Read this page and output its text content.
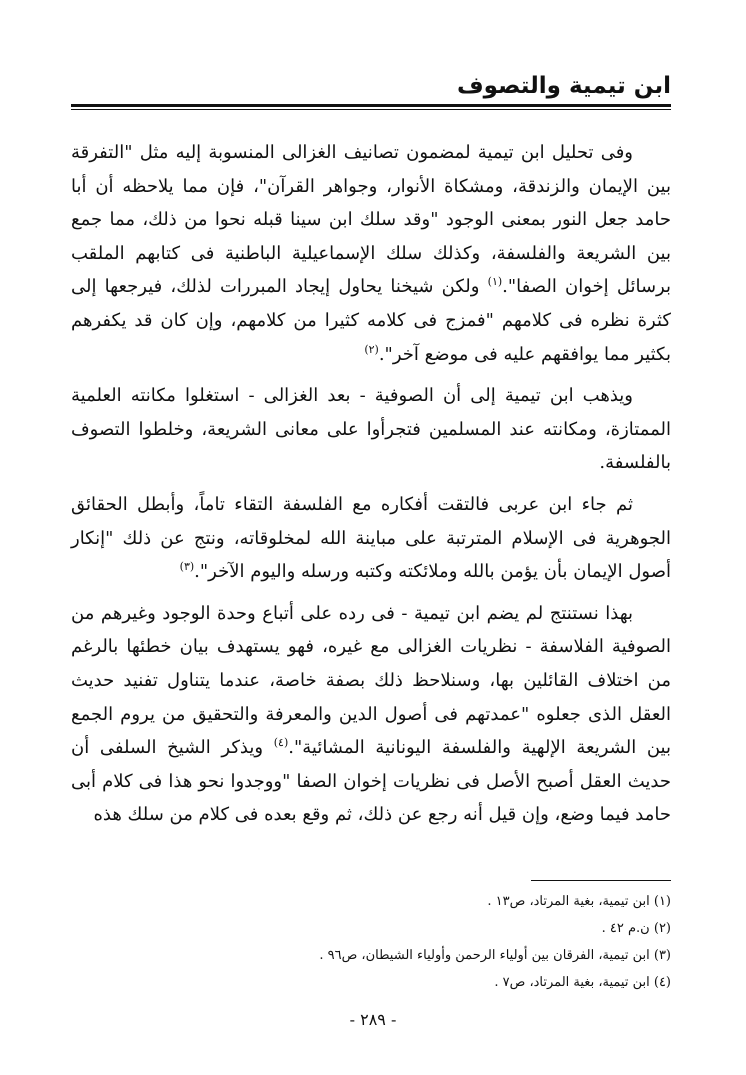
ابن تيمية والتصوف

وفى تحليل ابن تيمية لمضمون تصانيف الغزالى المنسوبة إليه مثل "التفرقة بين الإيمان والزندقة، ومشكاة الأنوار، وجواهر القرآن"، فإن مما يلاحظه أن أبا حامد جعل النور بمعنى الوجود "وقد سلك ابن سينا قبله نحوا من ذلك، مما جمع بين الشريعة والفلسفة، وكذلك سلك الإسماعيلية الباطنية فى كتابهم الملقب برسائل إخوان الصفا".$^{(١)}$ ولكن شيخنا يحاول إيجاد المبررات لذلك، فيرجعها إلى كثرة نظره فى كلامهم "فمزج فى كلامه كثيرا من كلامهم، وإن كان قد يكفرهم بكثير مما يوافقهم عليه فى موضع آخر".$^{(٢)}$

ويذهب ابن تيمية إلى أن الصوفية - بعد الغزالى - استغلوا مكانته العلمية الممتازة، ومكانته عند المسلمين فتجرأوا على معانى الشريعة، وخلطوا التصوف بالفلسفة.

ثم جاء ابن عربى فالتقت أفكاره مع الفلسفة التقاء تاماً، وأبطل الحقائق الجوهرية فى الإسلام المترتبة على مباينة الله لمخلوقاته، ونتج عن ذلك "إنكار أصول الإيمان بأن يؤمن بالله وملائكته وكتبه ورسله واليوم الآخر".$^{(٣)}$

بهذا نستنتج لم يضم ابن تيمية - فى رده على أتباع وحدة الوجود وغيرهم من الصوفية الفلاسفة - نظريات الغزالى مع غيره، فهو يستهدف بيان خطئها بالرغم من اختلاف القائلين بها، وسنلاحظ ذلك بصفة خاصة، عندما يتناول تفنيد حديث العقل الذى جعلوه "عمدتهم فى أصول الدين والمعرفة والتحقيق من يروم الجمع بين الشريعة الإلهية والفلسفة اليونانية المشائية".$^{(٤)}$ ويذكر الشيخ السلفى أن حديث العقل أصبح الأصل فى نظريات إخوان الصفا "ووجدوا نحو هذا فى كلام أبى حامد فيما وضع، وإن قيل أنه رجع عن ذلك، ثم وقع بعده فى كلام من سلك هذه

(١) ابن تيمية، بغية المرتاد، ص١٣ .
(٢) ن.م ٤٢ .
(٣) ابن تيمية، الفرقان بين أولياء الرحمن وأولياء الشيطان، ص٩٦ .
(٤) ابن تيمية، بغية المرتاد، ص٧ .
- ٢٨٩ -
